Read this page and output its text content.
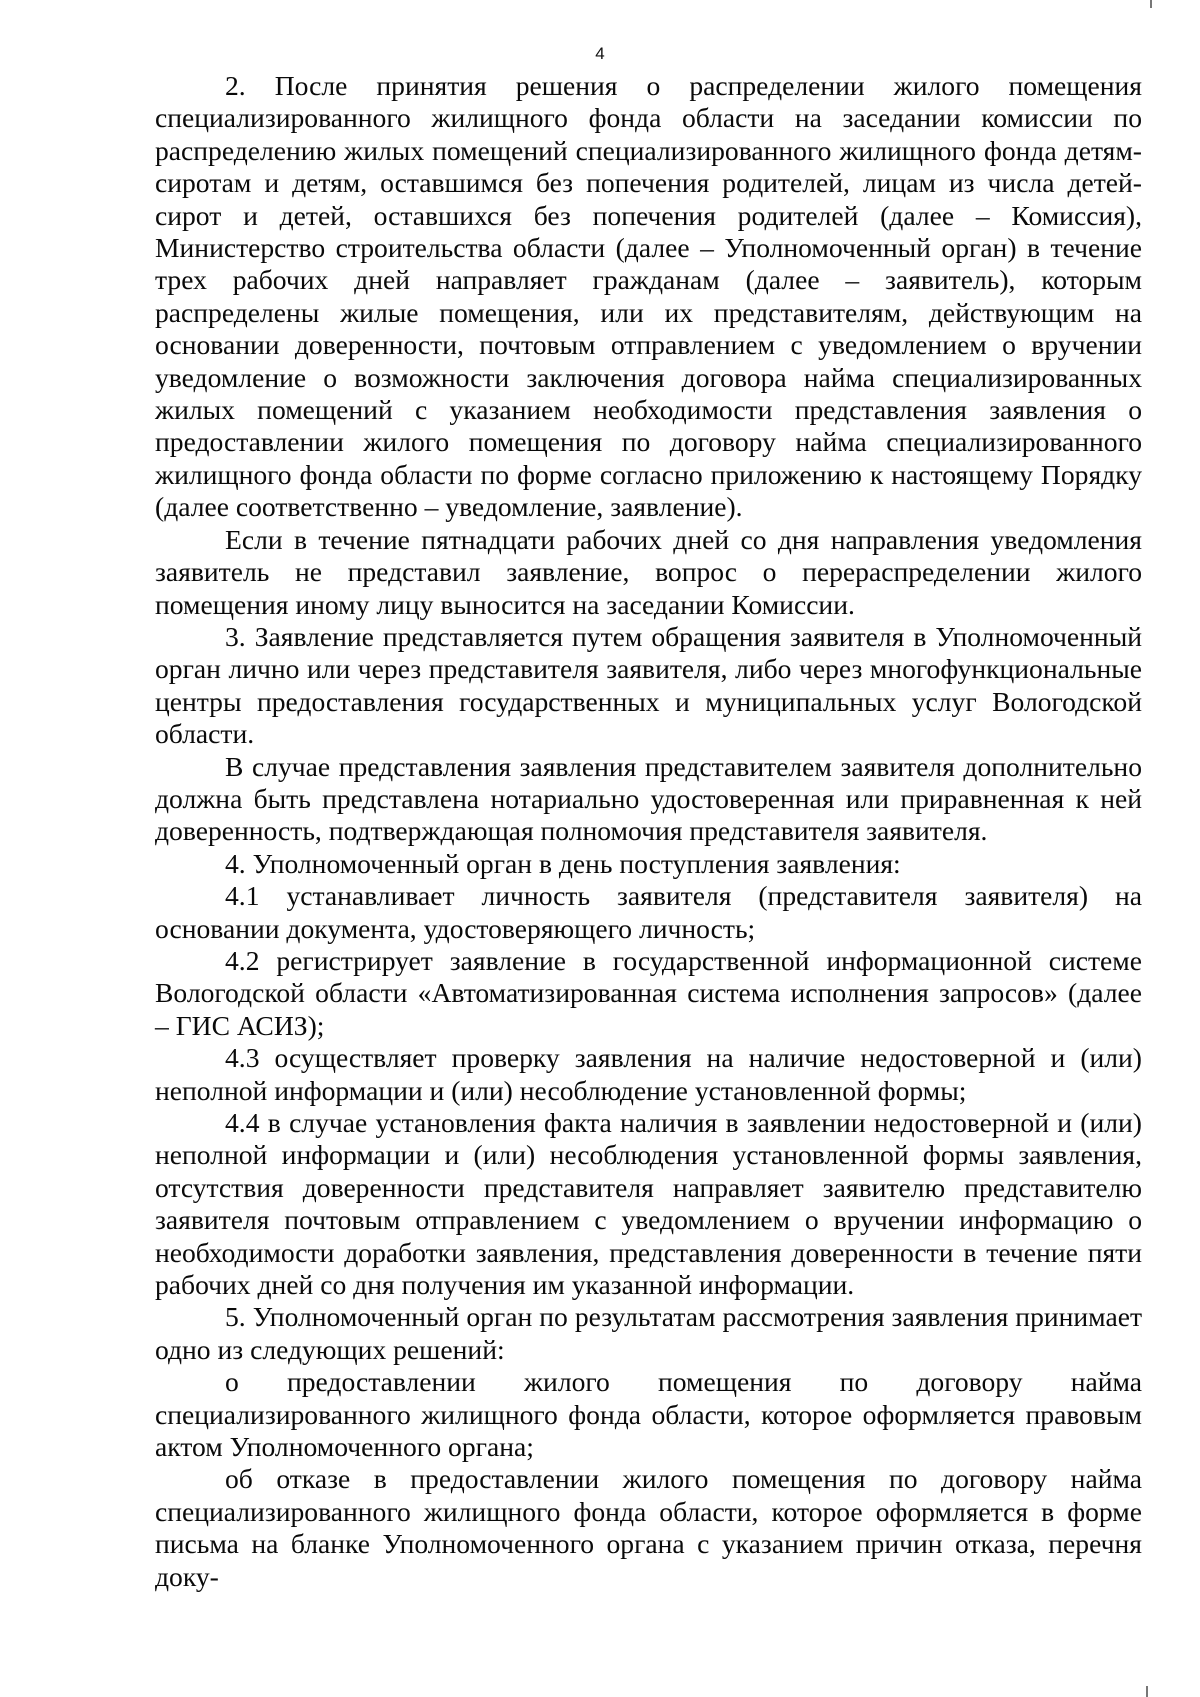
4

2. После принятия решения о распределении жилого помещения специализированного жилищного фонда области на заседании комиссии по распределению жилых помещений специализированного жилищного фонда детям-сиротам и детям, оставшимся без попечения родителей, лицам из числа детей-сирот и детей, оставшихся без попечения родителей (далее – Комиссия), Министерство строительства области (далее – Уполномоченный орган) в течение трех рабочих дней направляет гражданам (далее – заявитель), которым распределены жилые помещения, или их представителям, действующим на основании доверенности, почтовым отправлением с уведомлением о вручении уведомление о возможности заключения договора найма специализированных жилых помещений с указанием необходимости представления заявления о предоставлении жилого помещения по договору найма специализированного жилищного фонда области по форме согласно приложению к настоящему Порядку (далее соответственно – уведомление, заявление).

Если в течение пятнадцати рабочих дней со дня направления уведомления заявитель не представил заявление, вопрос о перераспределении жилого помещения иному лицу выносится на заседании Комиссии.

3. Заявление представляется путем обращения заявителя в Уполномоченный орган лично или через представителя заявителя, либо через многофункциональные центры предоставления государственных и муниципальных услуг Вологодской области.

В случае представления заявления представителем заявителя дополнительно должна быть представлена нотариально удостоверенная или приравненная к ней доверенность, подтверждающая полномочия представителя заявителя.

4. Уполномоченный орган в день поступления заявления:

4.1 устанавливает личность заявителя (представителя заявителя) на основании документа, удостоверяющего личность;

4.2 регистрирует заявление в государственной информационной системе Вологодской области «Автоматизированная система исполнения запросов» (далее – ГИС АСИЗ);

4.3 осуществляет проверку заявления на наличие недостоверной и (или) неполной информации и (или) несоблюдение установленной формы;

4.4 в случае установления факта наличия в заявлении недостоверной и (или) неполной информации и (или) несоблюдения установленной формы заявления, отсутствия доверенности представителя направляет заявителю представителю заявителя почтовым отправлением с уведомлением о вручении информацию о необходимости доработки заявления, представления доверенности в течение пяти рабочих дней со дня получения им указанной информации.

5. Уполномоченный орган по результатам рассмотрения заявления принимает одно из следующих решений:

о предоставлении жилого помещения по договору найма специализированного жилищного фонда области, которое оформляется правовым актом Уполномоченного органа;

об отказе в предоставлении жилого помещения по договору найма специализированного жилищного фонда области, которое оформляется в форме письма на бланке Уполномоченного органа с указанием причин отказа, перечня доку-
